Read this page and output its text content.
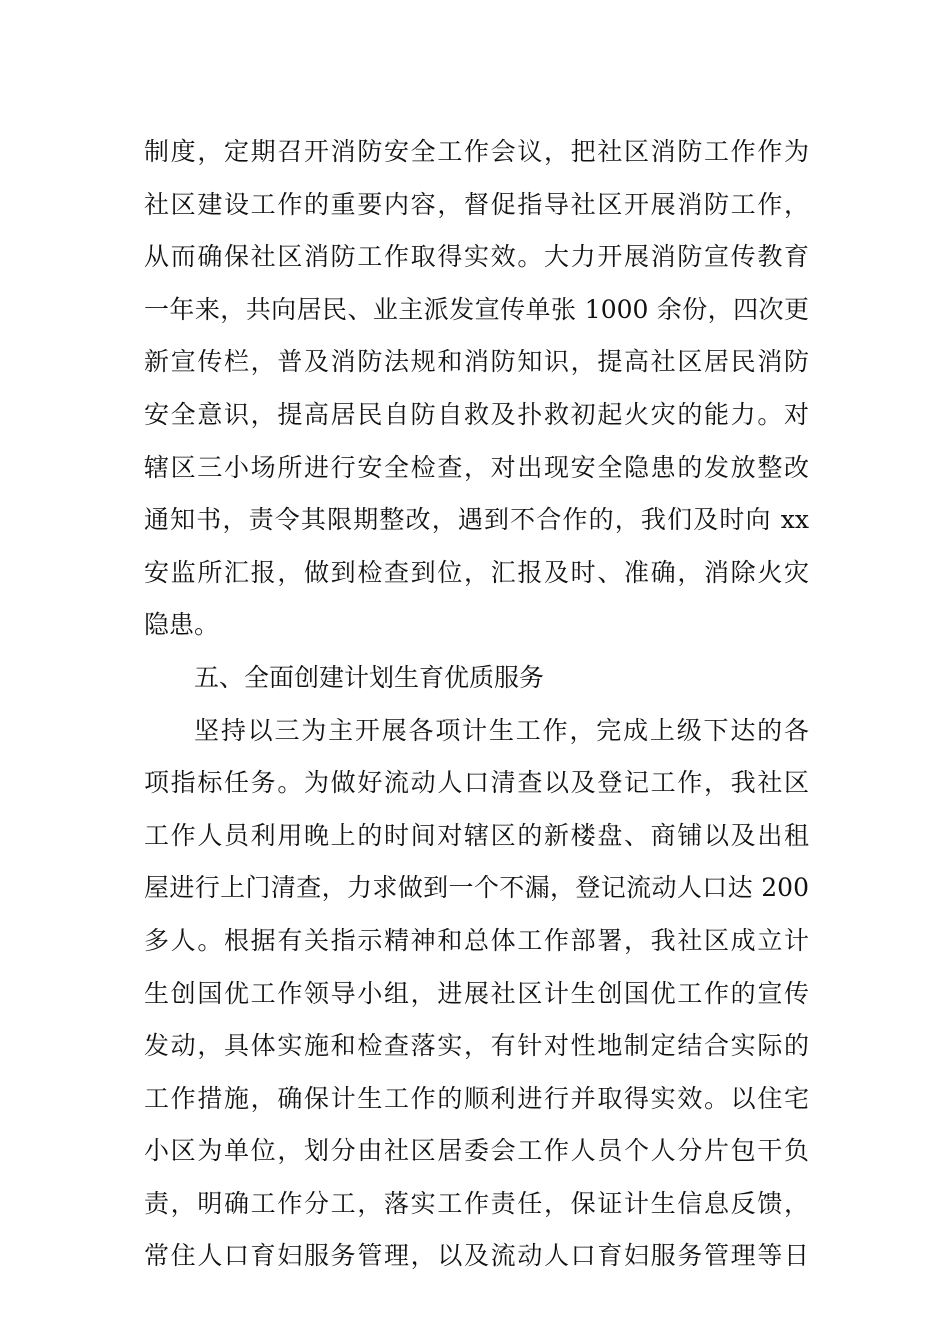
制度，定期召开消防安全工作会议，把社区消防工作作为
社区建设工作的重要内容，督促指导社区开展消防工作，
从而确保社区消防工作取得实效。大力开展消防宣传教育
一年来，共向居民、业主派发宣传单张 1000 余份，四次更
新宣传栏，普及消防法规和消防知识，提高社区居民消防
安全意识，提高居民自防自救及扑救初起火灾的能力。对
辖区三小场所进行安全检查，对出现安全隐患的发放整改
通知书，责令其限期整改，遇到不合作的，我们及时向 xx
安监所汇报，做到检查到位，汇报及时、准确，消除火灾
隐患。
五、全面创建计划生育优质服务
坚持以三为主开展各项计生工作，完成上级下达的各
项指标任务。为做好流动人口清查以及登记工作，我社区
工作人员利用晚上的时间对辖区的新楼盘、商铺以及出租
屋进行上门清查，力求做到一个不漏，登记流动人口达 200
多人。根据有关指示精神和总体工作部署，我社区成立计
生创国优工作领导小组，进展社区计生创国优工作的宣传
发动，具体实施和检查落实，有针对性地制定结合实际的
工作措施，确保计生工作的顺利进行并取得实效。以住宅
小区为单位，划分由社区居委会工作人员个人分片包干负
责，明确工作分工，落实工作责任，保证计生信息反馈，
常住人口育妇服务管理，以及流动人口育妇服务管理等日
